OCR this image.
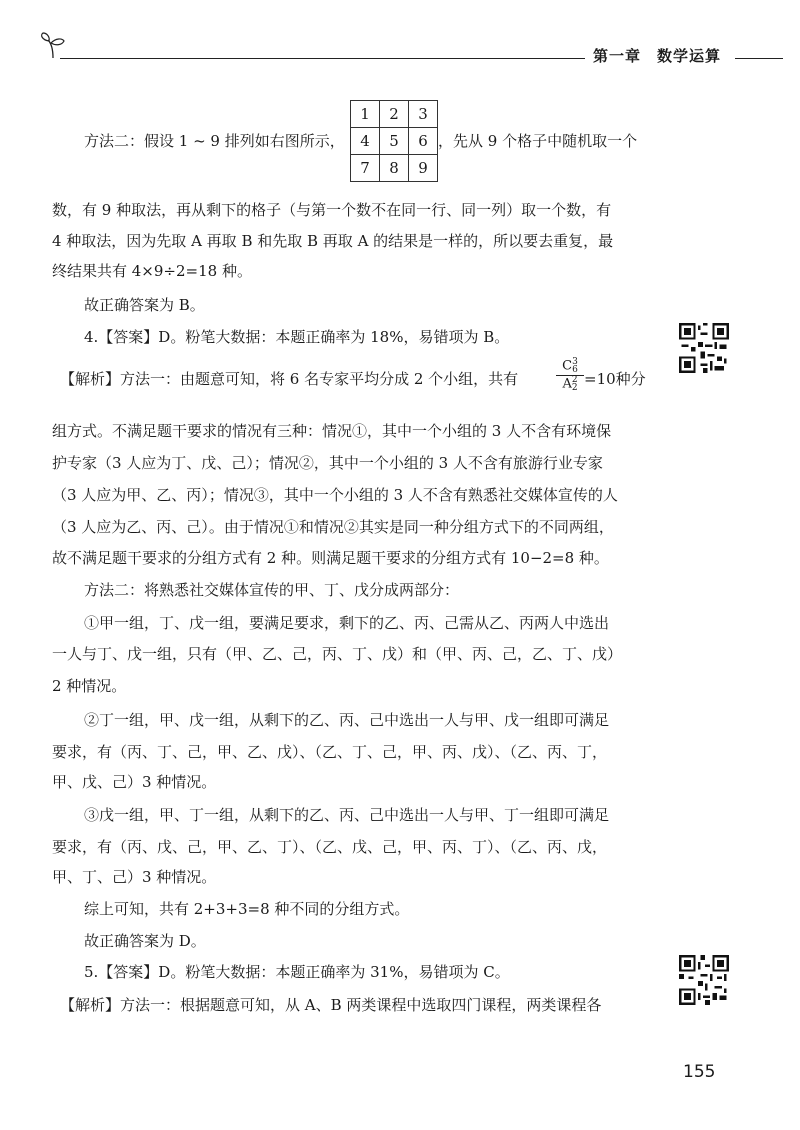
第一章 数学运算
方法二：假设 1 ~ 9 排列如右图所示，
1	2	3
4	5	6
7	8	9
，先从 9 个格子中随机取一个
数，有 9 种取法，再从剩下的格子（与第一个数不在同一行、同一列）取一个数，有
4 种取法，因为先取 A 再取 B 和先取 B 再取 A 的结果是一样的，所以要去重复，最
终结果共有 4×9÷2=18 种。
故正确答案为 B。
4.【答案】D。粉笔大数据：本题正确率为 18%，易错项为 B。
【解析】方法一：由题意可知，将 6 名专家平均分成 2 个小组，共有
C3
6
A2
2 =10种分
组方式。不满足题干要求的情况有三种：情况①，其中一个小组的 3 人不含有环境保
护专家（3 人应为丁、戊、己）；情况②，其中一个小组的 3 人不含有旅游行业专家
（3 人应为甲、乙、丙）；情况③，其中一个小组的 3 人不含有熟悉社交媒体宣传的人
（3 人应为乙、丙、己）。由于情况①和情况②其实是同一种分组方式下的不同两组，
故不满足题干要求的分组方式有 2 种。则满足题干要求的分组方式有 10−2=8 种。
方法二：将熟悉社交媒体宣传的甲、丁、戊分成两部分：
①甲一组，丁、戊一组，要满足要求，剩下的乙、丙、己需从乙、丙两人中选出
一人与丁、戊一组，只有（甲、乙、己，丙、丁、戊）和（甲、丙、己，乙、丁、戊）
2 种情况。
②丁一组，甲、戊一组，从剩下的乙、丙、己中选出一人与甲、戊一组即可满足
要求，有（丙、丁、己，甲、乙、戊）、（乙、丁、己，甲、丙、戊）、（乙、丙、丁，
甲、戊、己）3 种情况。
③戊一组，甲、丁一组，从剩下的乙、丙、己中选出一人与甲、丁一组即可满足
要求，有（丙、戊、己，甲、乙、丁）、（乙、戊、己，甲、丙、丁）、（乙、丙、戊，
甲、丁、己）3 种情况。
综上可知，共有 2+3+3=8 种不同的分组方式。
故正确答案为 D。
5.【答案】D。粉笔大数据：本题正确率为 31%，易错项为 C。
【解析】方法一：根据题意可知，从 A、B 两类课程中选取四门课程，两类课程各
155
